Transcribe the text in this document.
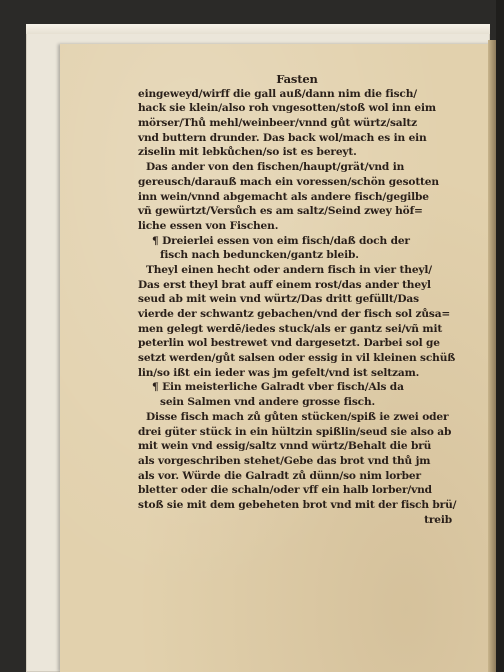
Fasten
eingeweyd/wirff die gall auß/dann nim die fisch/
hack sie klein/also roh vngesotten/stoß wol inn eim
mörser/Thů mehl/weinbeer/vnnd gůt würtz/saltz
vnd buttern drunder. Das back wol/mach es in ein
ziselin mit lebkůchen/so ist es bereyt.
Das ander von den fischen/haupt/grät/vnd in
gereusch/darauß mach ein voressen/schön gesotten
inn wein/vnnd abgemacht als andere fisch/gegilbe
vñ gewürtzt/Versůch es am saltz/Seind zwey höf=
liche essen von Fischen.
¶ Dreierlei essen von eim fisch/daß doch der
fisch nach beduncken/gantz bleib.
Theyl einen hecht oder andern fisch in vier theyl/
Das erst theyl brat auff einem rost/das ander theyl
seud ab mit wein vnd würtz/Das dritt gefüllt/Das
vierde der schwantz gebachen/vnd der fisch sol zůsa=
men gelegt werdē/iedes stuck/als er gantz sei/vñ mit
peterlin wol bestrewet vnd dargesetzt. Darbei sol ge
setzt werden/gůt salsen oder essig in vil kleinen schüß
lin/so ißt ein ieder was jm gefelt/vnd ist seltzam.
¶ Ein meisterliche Galradt vber fisch/Als da
sein Salmen vnd andere grosse fisch.
Disse fisch mach zů gůten stücken/spiß ie zwei oder
drei güter stück in ein hültzin spißlin/seud sie also ab
mit wein vnd essig/saltz vnnd würtz/Behalt die brü
als vorgeschriben stehet/Gebe das brot vnd thů jm
als vor. Würde die Galradt zů dünn/so nim lorber
bletter oder die schaln/oder vff ein halb lorber/vnd
stoß sie mit dem gebeheten brot vnd mit der fisch brü/
treib
